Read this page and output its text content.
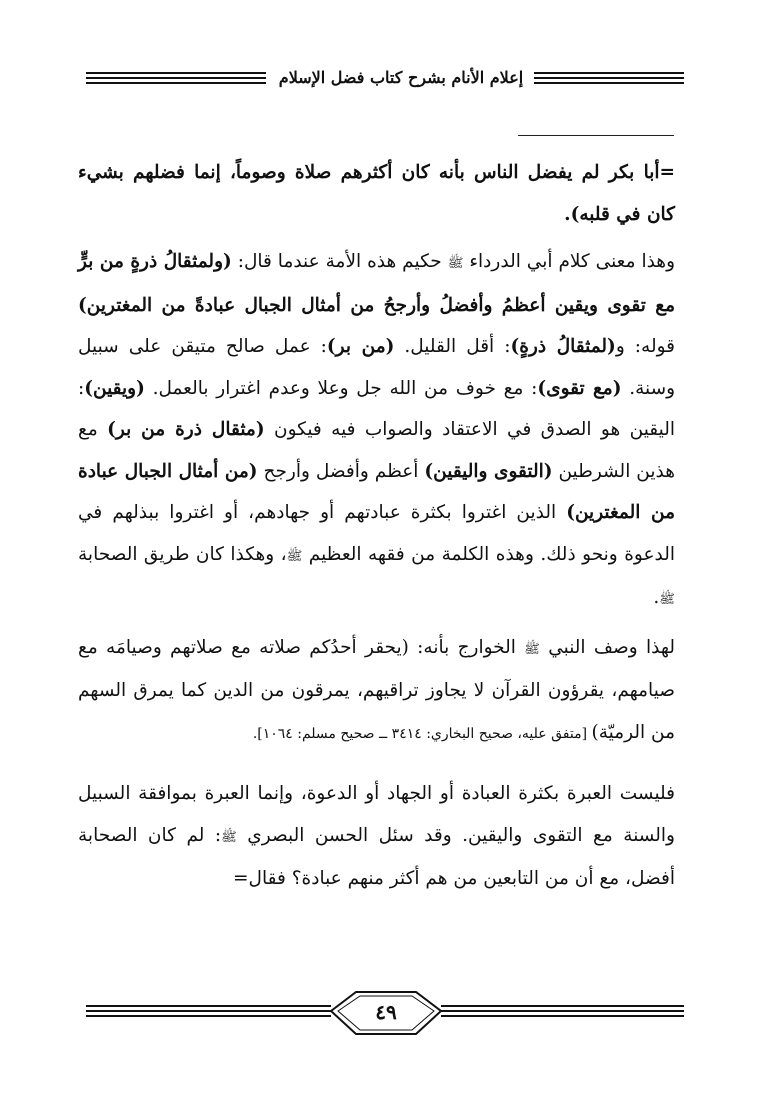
إعلام الأنام بشرح كتاب فضل الإسلام

=أبا بكر لم يفضل الناس بأنه كان أكثرهم صلاة وصوماً، إنما فضلهم بشيء كان في قلبه).

وهذا معنى كلام أبي الدرداء ﷺ حكيم هذه الأمة عندما قال: (ولمثقالُ ذرةٍ من برٍّ مع تقوى ويقين أعظمُ وأفضلُ وأرجحُ من أمثال الجبال عبادةً من المغترين) قوله: و(لمثقالُ ذرةٍ): أقل القليل. (من بر): عمل صالح متيقن على سبيل وسنة. (مع تقوى): مع خوف من الله جل وعلا وعدم اغترار بالعمل. (ويقين): اليقين هو الصدق في الاعتقاد والصواب فيه فيكون (مثقال ذرة من بر) مع هذين الشرطين (التقوى واليقين) أعظم وأفضل وأرجح (من أمثال الجبال عبادة من المغترين) الذين اغتروا بكثرة عبادتهم أو جهادهم، أو اغتروا ببذلهم في الدعوة ونحو ذلك. وهذه الكلمة من فقهه العظيم ﷺ، وهكذا كان طريق الصحابة ﷺ.

لهذا وصف النبي ﷺ الخوارج بأنه: (يحقر أحدُكم صلاته مع صلاتهم وصيامَه مع صيامهم، يقرؤون القرآن لا يجاوز تراقيهم، يمرقون من الدين كما يمرق السهم من الرميّة) [متفق عليه، صحيح البخاري: ٣٤١٤ ــ صحيح مسلم: ١٠٦٤].

فليست العبرة بكثرة العبادة أو الجهاد أو الدعوة، وإنما العبرة بموافقة السبيل والسنة مع التقوى واليقين. وقد سئل الحسن البصري ﷺ: لم كان الصحابة أفضل، مع أن من التابعين من هم أكثر منهم عبادة؟ فقال=

٤٩
